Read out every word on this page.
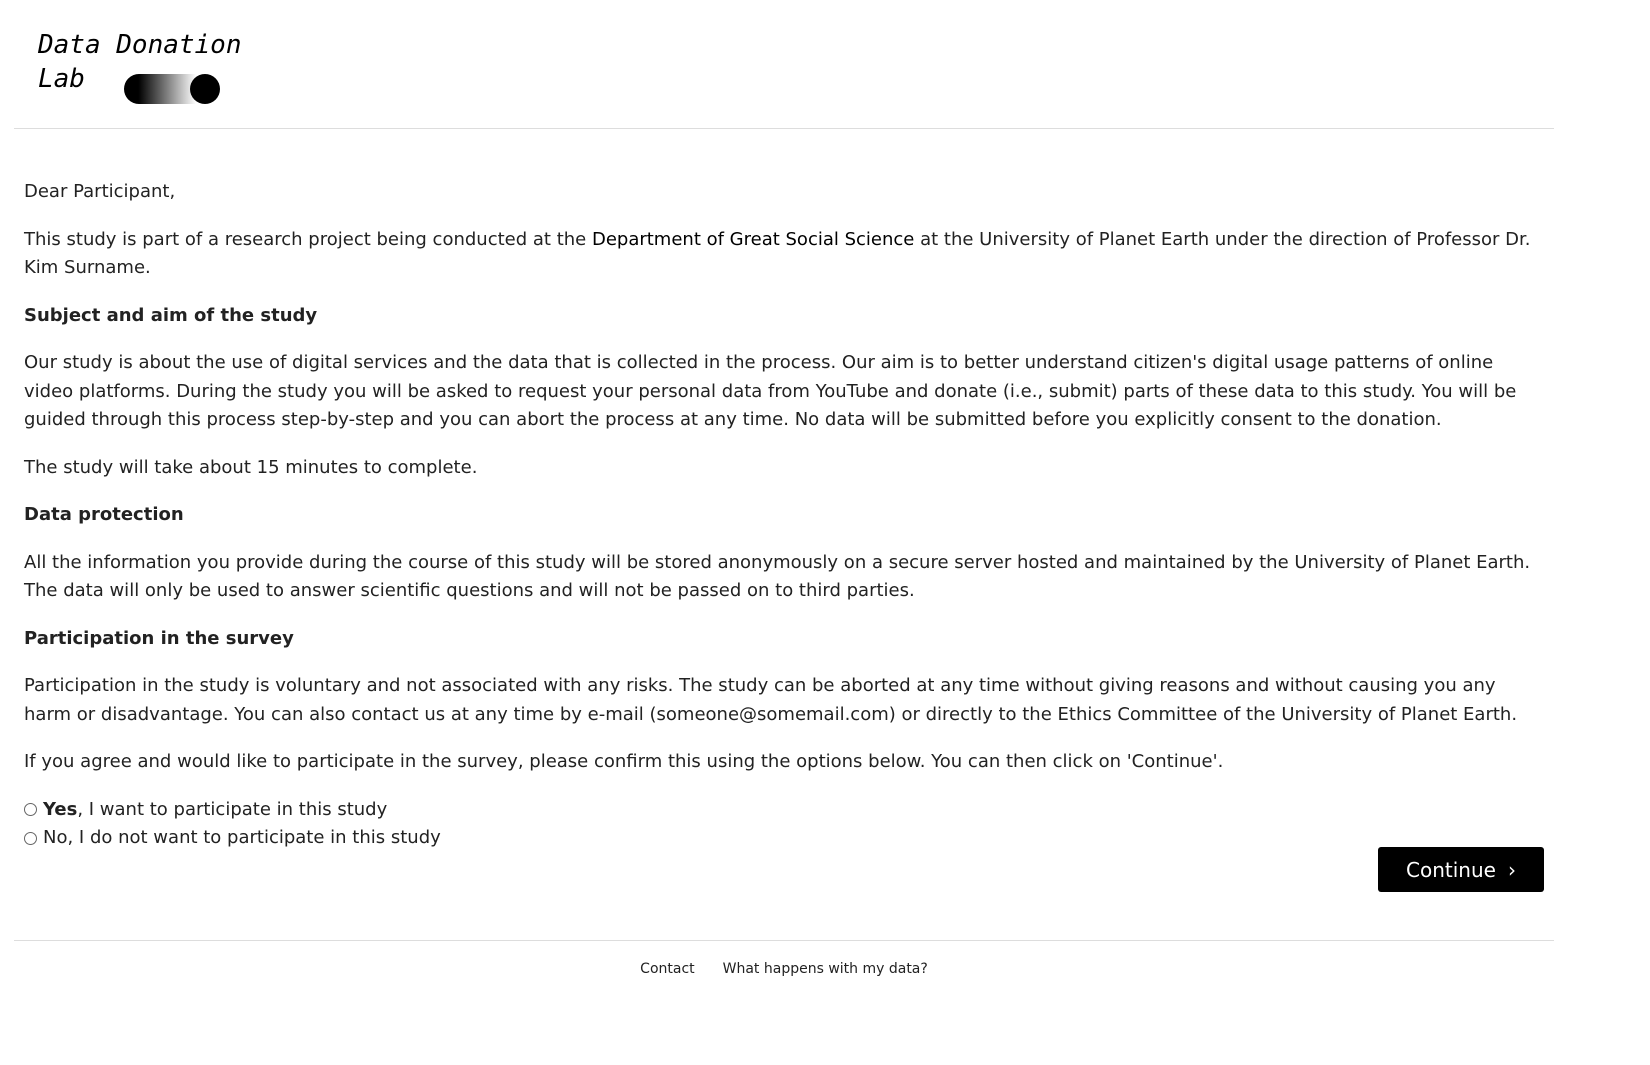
Data Donation
Lab

Dear Participant,

This study is part of a research project being conducted at the Department of Great Social Science at the University of Planet Earth under the direction of Professor Dr. Kim Surname.

Subject and aim of the study

Our study is about the use of digital services and the data that is collected in the process. Our aim is to better understand citizen's digital usage patterns of online video platforms. During the study you will be asked to request your personal data from YouTube and donate (i.e., submit) parts of these data to this study. You will be guided through this process step-by-step and you can abort the process at any time. No data will be submitted before you explicitly consent to the donation.

The study will take about 15 minutes to complete.

Data protection

All the information you provide during the course of this study will be stored anonymously on a secure server hosted and maintained by the University of Planet Earth. The data will only be used to answer scientific questions and will not be passed on to third parties.

Participation in the survey

Participation in the study is voluntary and not associated with any risks. The study can be aborted at any time without giving reasons and without causing you any harm or disadvantage. You can also contact us at any time by e-mail (someone@somemail.com) or directly to the Ethics Committee of the University of Planet Earth.

If you agree and would like to participate in the survey, please confirm this using the options below. You can then click on 'Continue'.

Yes, I want to participate in this study
No, I do not want to participate in this study
Continue ›
Contact What happens with my data?
